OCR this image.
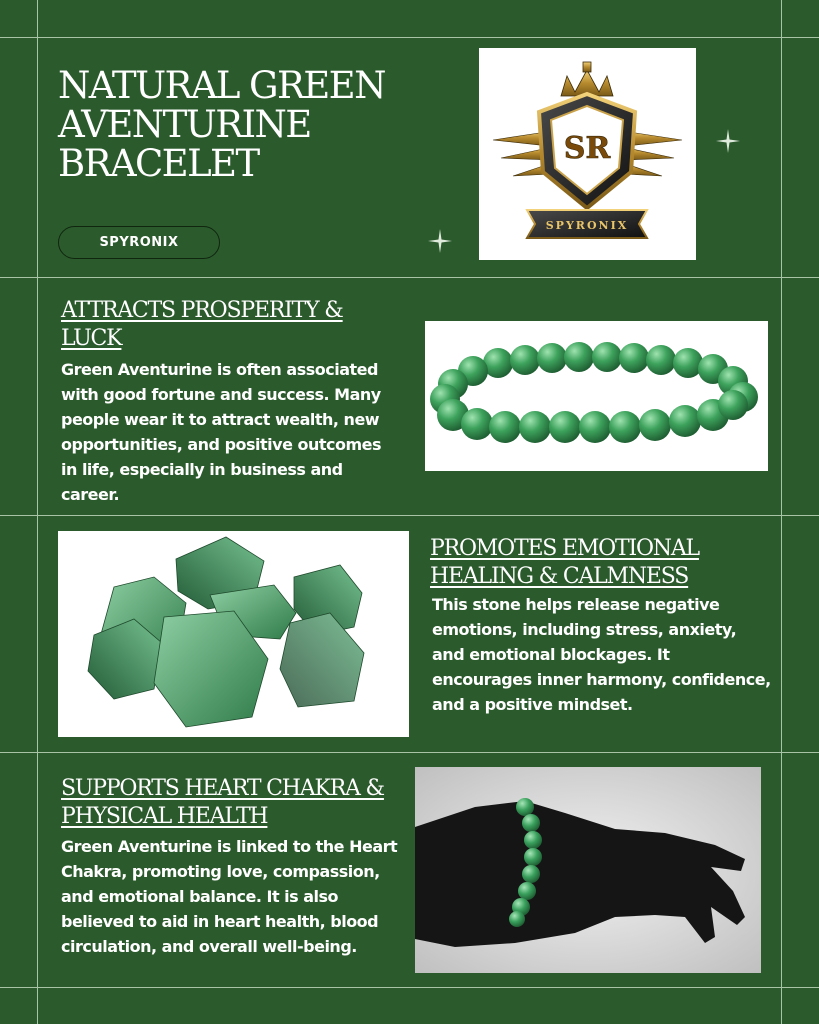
NATURAL GREEN AVENTURINE BRACELET
SPYRONIX
SR
SPYRONIX
ATTRACTS PROSPERITY & LUCK

Green Aventurine is often associated with good fortune and success. Many people wear it to attract wealth, new opportunities, and positive outcomes in life, especially in business and career.

PROMOTES EMOTIONAL HEALING & CALMNESS

This stone helps release negative emotions, including stress, anxiety, and emotional blockages. It encourages inner harmony, confidence, and a positive mindset.

SUPPORTS HEART CHAKRA & PHYSICAL HEALTH

Green Aventurine is linked to the Heart Chakra, promoting love, compassion, and emotional balance. It is also believed to aid in heart health, blood circulation, and overall well-being.
